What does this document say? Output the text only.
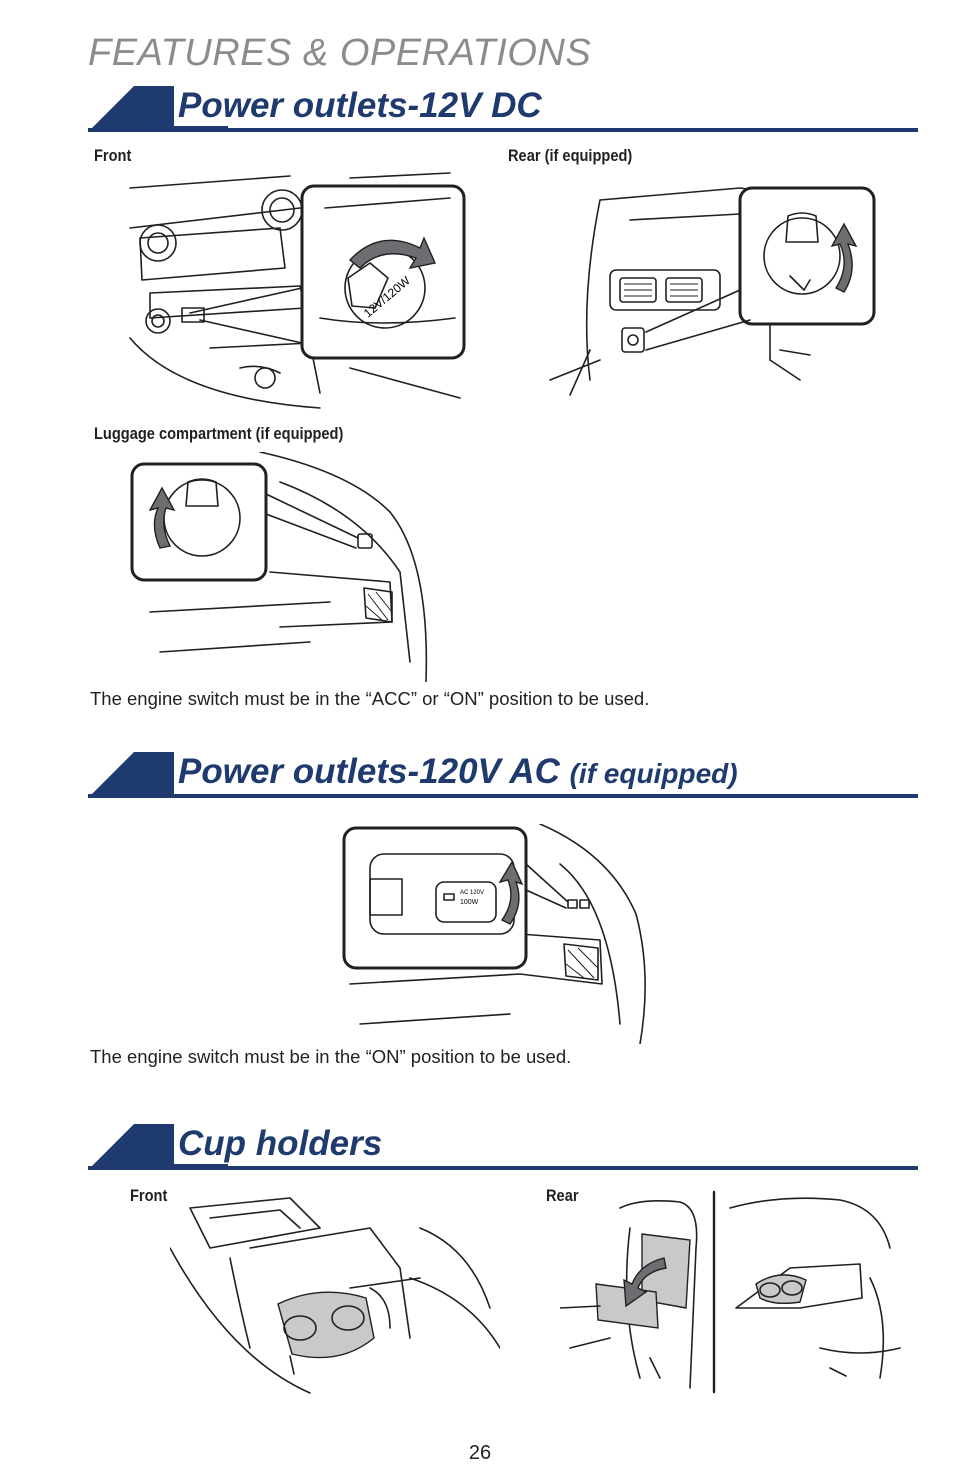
FEATURES & OPERATIONS
Power outlets-12V DC
Front	Rear (if equipped)
12V/120W
Luggage compartment (if equipped)
The engine switch must be in the “ACC” or “ON” position to be used.
Power outlets-120V AC (if equipped)
AC 120V
100W
The engine switch must be in the “ON” position to be used.
Cup holders
Front	Rear
26
